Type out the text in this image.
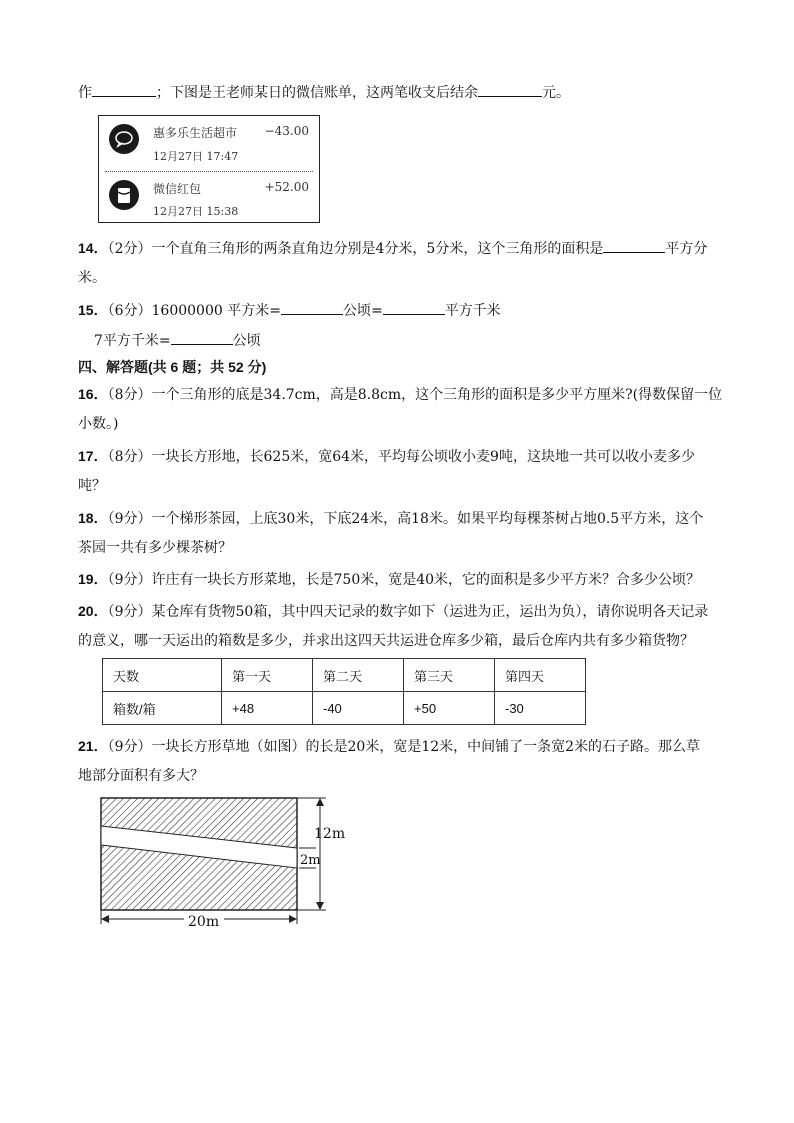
作	；下图是王老师某日的微信账单，这两笔收支后结余	元。
惠多乐生活超市 −43.00
12月27日 17:47
微信红包	+52.00
12月27日 15:38
14．（2分）一个直角三角形的两条直角边分别是4分米，5分米，这个三角形的面积是	平方分
米。
15．（6分）16000000 平方米=	公顷=	平方千米
7平方千米=	公顷
四、解答题(共 6 题；共 52 分)
16．（8分）一个三角形的底是34.7cm，高是8.8cm，这个三角形的面积是多少平方厘米?(得数保留一位
小数。)
17．（8分）一块长方形地，长625米，宽64米，平均每公顷收小麦9吨，这块地一共可以收小麦多少
吨？
18．（9分）一个梯形茶园，上底30米，下底24米，高18米。如果平均每棵茶树占地0.5平方米，这个
茶园一共有多少棵茶树？
19．（9分）许庄有一块长方形菜地，长是750米，宽是40米，它的面积是多少平方米？合多少公顷？
20．（9分）某仓库有货物50箱，其中四天记录的数字如下（运进为正，运出为负），请你说明各天记录
的意义，哪一天运出的箱数是多少，并求出这四天共运进仓库多少箱，最后仓库内共有多少箱货物？
天数	第一天	第二天	第三天	第四天
箱数/箱	+48	-40	+50	-30
21．（9分）一块长方形草地（如图）的长是20米，宽是12米，中间铺了一条宽2米的石子路。那么草
地部分面积有多大？
12m
2m
20m
